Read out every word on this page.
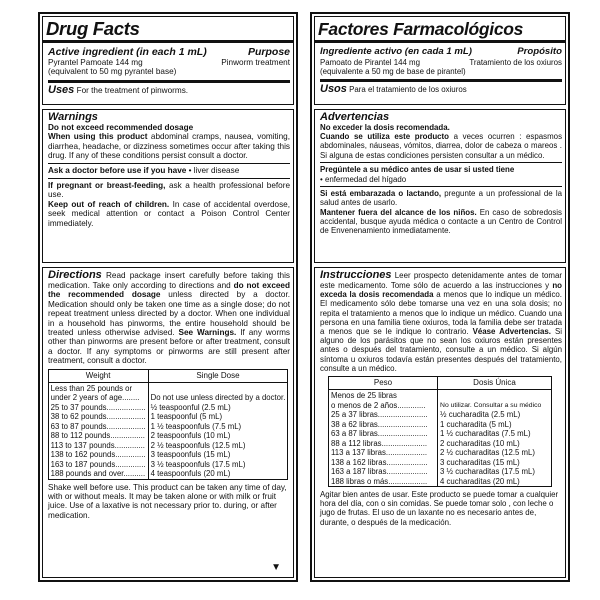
Drug Facts
Active ingredient (in each 1 mL)	Purpose
Pyrantel Pamoate 144 mg	Pinworm treatment
(equivalent to 50 mg pyrantel base)
Uses For the treatment of pinworms.
Warnings
Do not exceed recommended dosage
When using this product abdominal cramps, nausea, vomiting, diarrhea, headache, or dizziness sometimes occur after taking this drug. If any of these conditions persist consult a doctor.
Ask a doctor before use if you have • liver disease
If pregnant or breast-feeding, ask a health professional before use.
Keep out of reach of children. In case of accidental overdose, seek medical attention or contact a Poison Control Center immediately.
Directions Read package insert carefully before taking this medication. Take only according to directions and do not exceed the recommended dosage unless directed by a doctor. Medication should only be taken one time as a single dose; do not repeat treatment unless directed by a doctor. When one individual in a household has pinworms, the entire household should be treated unless otherwise advised. See Warnings. If any worms other than pinworms are present before or after treatment, consult a doctor. If any symptoms or pinworms are still present after treatment, consult a doctor.
Weight	Single Dose
Less than 25 pounds or	
under 2 years of age........	Do not use unless directed by a doctor.
25 to 37 pounds..................	½ teaspoonful (2.5 mL)
38 to 62 pounds..................	1 teaspoonful (5 mL)
63 to 87 pounds..................	1 ½ teaspoonfuls (7.5 mL)
88 to 112 pounds................	2 teaspoonfuls (10 mL)
113 to 137 pounds..............	2 ½ teaspoonfuls (12.5 mL)
138 to 162 pounds..............	3 teaspoonfuls (15 mL)
163 to 187 pounds..............	3 ½ teaspoonfuls (17.5 mL)
188 pounds and over..........	4 teaspoonfuls (20 mL)
Shake well before use. This product can be taken any time of day, with or without meals. It may be taken alone or with milk or fruit juice. Use of a laxative is not necessary prior to. during, or after medication.
▼
Factores Farmacológicos
Ingrediente activo (en cada 1 mL)	Propósito
Pamoato de Pirantel 144 mg	Tratamiento de los oxiuros
(equivalente a 50 mg de base de pirantel)
Usos Para el tratamiento de los oxiuros
Advertencias
No exceder la dosis recomendada.
Cuando se utiliza este producto a veces ocurren : espasmos abdominales, náuseas, vómitos, diarrea, dolor de cabeza o mareos . Si alguna de estas condiciones persisten consultar a un médico.
Pregúntele a su médico antes de usar si usted tiene
• enfermedad del hígado
Si está embarazada o lactando, pregunte a un professional de la salud antes de usarlo.
Mantener fuera del alcance de los niños. En caso de sobredosis accidental, busque ayuda médica o contacte a un Centro de Control de Envenenamiento inmediatamente.
Instrucciones Leer prospecto detenidamente antes de tomar este medicamento. Tome sólo de acuerdo a las instrucciones y no exceda la dosis recomendada a menos que lo indique un médico. El medicamento sólo debe tomarse una vez en una sola dosis; no repita el tratamiento a menos que lo indique un médico. Cuando una persona en una familia tiene oxiuros, toda la familia debe ser tratada a menos que se le indique lo contrario. Véase Advertencias. Si alguno de los parásitos que no sean los oxiuros están presentes antes o después del tratamiento, consulte a un médico. Si algún síntoma u oxiuros todavía están presentes después del tratamiento, consulte a un médico.
Peso	Dosis Única
Menos de 25 libras	
o menos de 2 años.............	No utilizar. Consultar a su médico
25 a 37 libras.......................	½ cucharadita (2.5 mL)
38 a 62 libras.......................	1 cucharadita (5 mL)
63 a 87 libras.......................	1 ½ cucharaditas (7.5 mL)
88 a 112 libras.....................	2 cucharaditas (10 mL)
113 a 137 libras...................	2 ½ cucharaditas (12.5 mL)
138 a 162 libras...................	3 cucharaditas (15 mL)
163 a 187 libras...................	3 ½ cucharaditas (17.5 mL)
188 libras o más..................	4 cucharaditas (20 mL)
Agitar bien antes de usar. Este producto se puede tomar a cualquier hora del día, con o sin comidas. Se puede tomar solo , con leche o jugo de frutas. El uso de un laxante no es necesario antes de, durante, o después de la medicación.
